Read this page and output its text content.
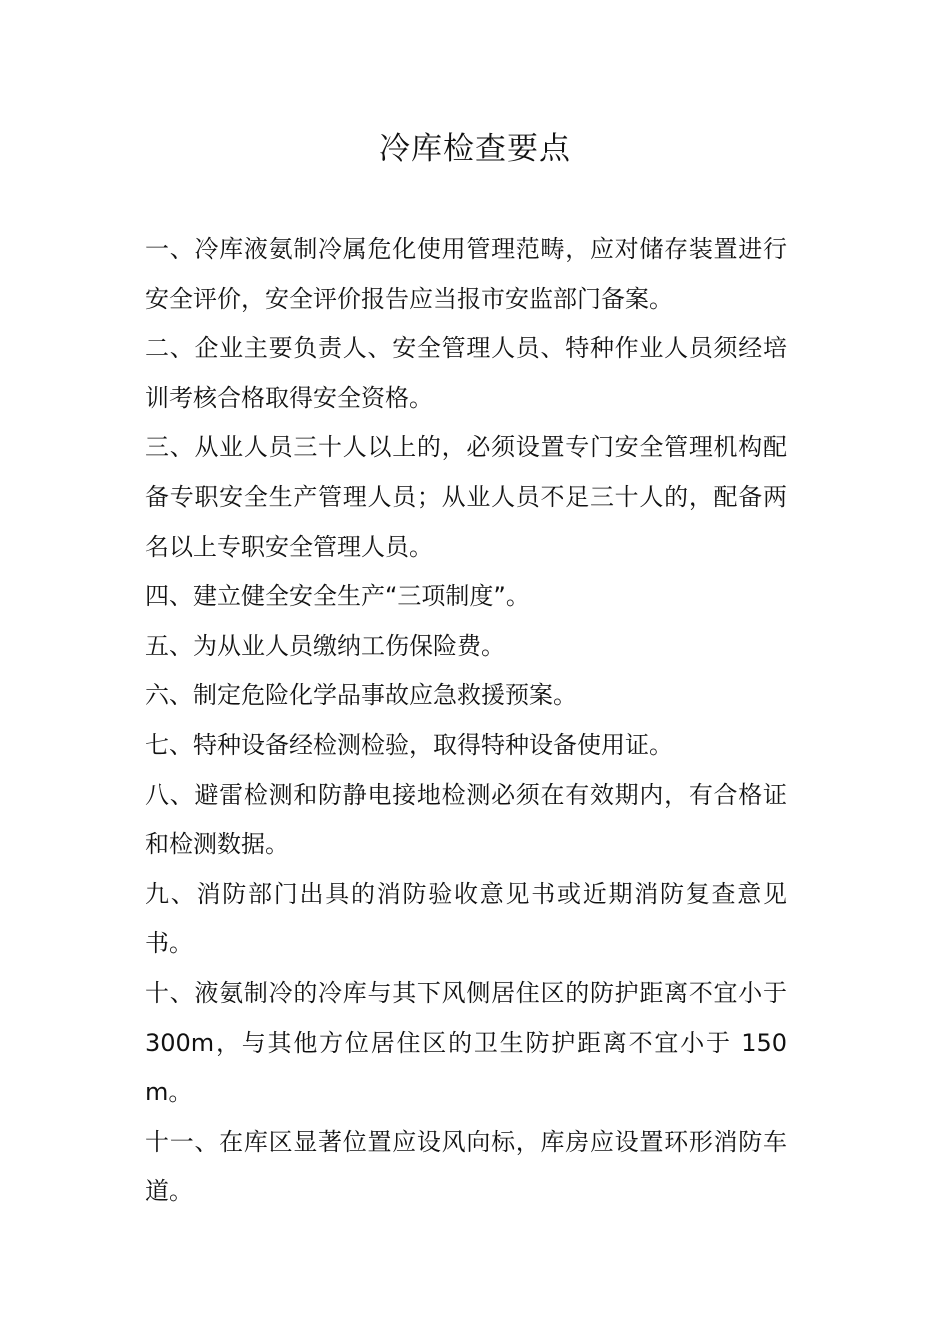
冷库检查要点

一、冷库液氨制冷属危化使用管理范畴，应对储存装置进行安全评价，安全评价报告应当报市安监部门备案。

二、企业主要负责人、安全管理人员、特种作业人员须经培训考核合格取得安全资格。

三、从业人员三十人以上的，必须设置专门安全管理机构配备专职安全生产管理人员；从业人员不足三十人的，配备两名以上专职安全管理人员。

四、建立健全安全生产“三项制度”。

五、为从业人员缴纳工伤保险费。

六、制定危险化学品事故应急救援预案。

七、特种设备经检测检验，取得特种设备使用证。

八、避雷检测和防静电接地检测必须在有效期内，有合格证和检测数据。

九、消防部门出具的消防验收意见书或近期消防复查意见书。

十、液氨制冷的冷库与其下风侧居住区的防护距离不宜小于 300m，与其他方位居住区的卫生防护距离不宜小于 150m。

十一、在库区显著位置应设风向标，库房应设置环形消防车道。
